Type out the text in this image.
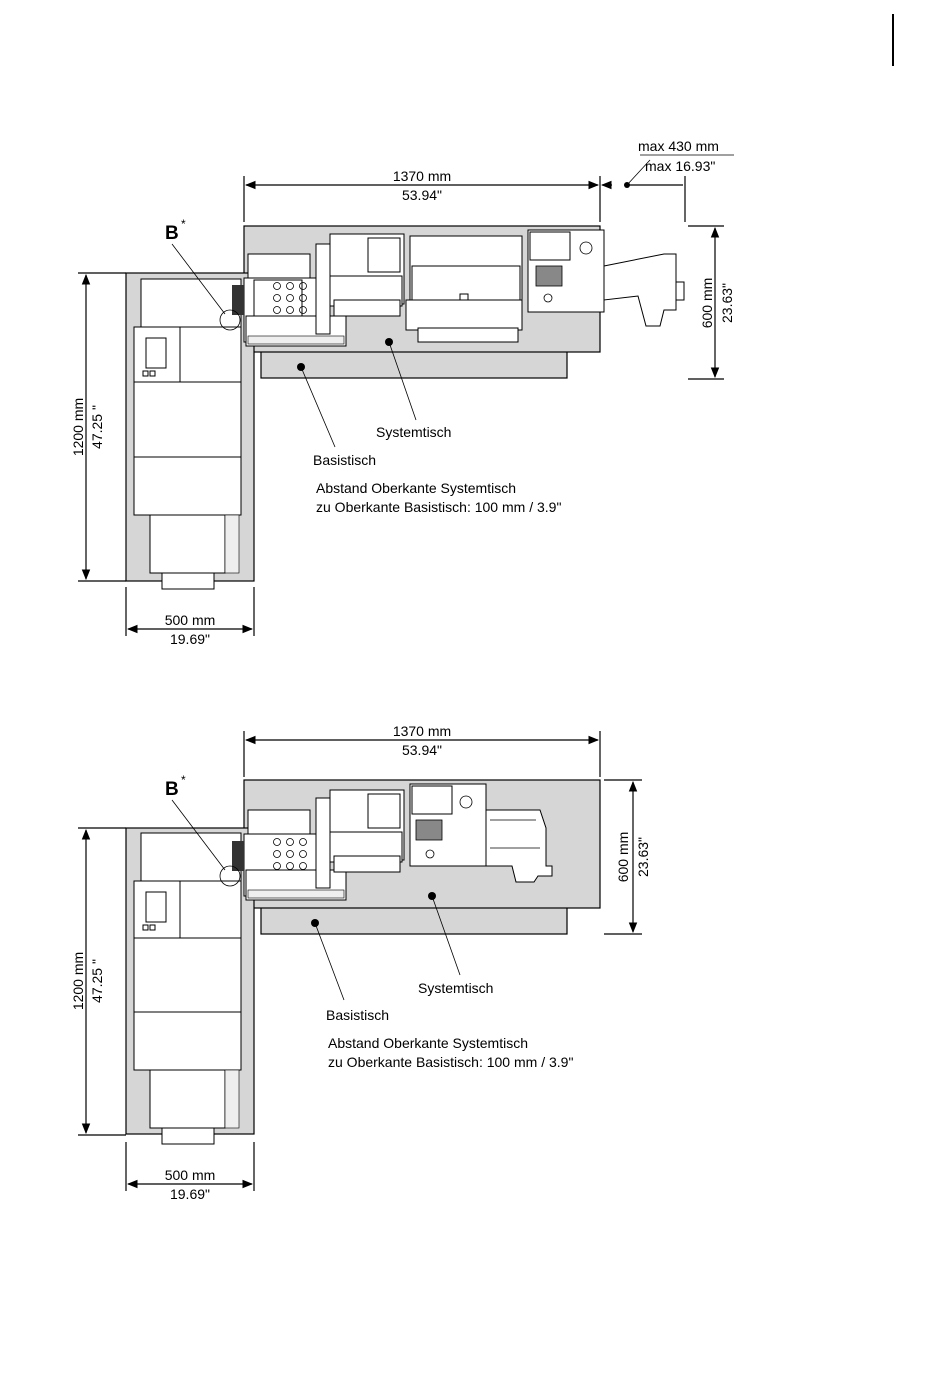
B *
Systemtisch
Basistisch
Abstand Oberkante Systemtisch
zu Oberkante Basistisch: 100 mm / 3.9"
1370 mm
53.94"
max 430 mm
max 16.93"
600 mm 23.63"
1200 mm 47.25 "
500 mm
19.69"
B *
Systemtisch
Basistisch
Abstand Oberkante Systemtisch
zu Oberkante Basistisch: 100 mm / 3.9"
1370 mm
53.94"
600 mm 23.63"
1200 mm 47.25 "
500 mm
19.69"
